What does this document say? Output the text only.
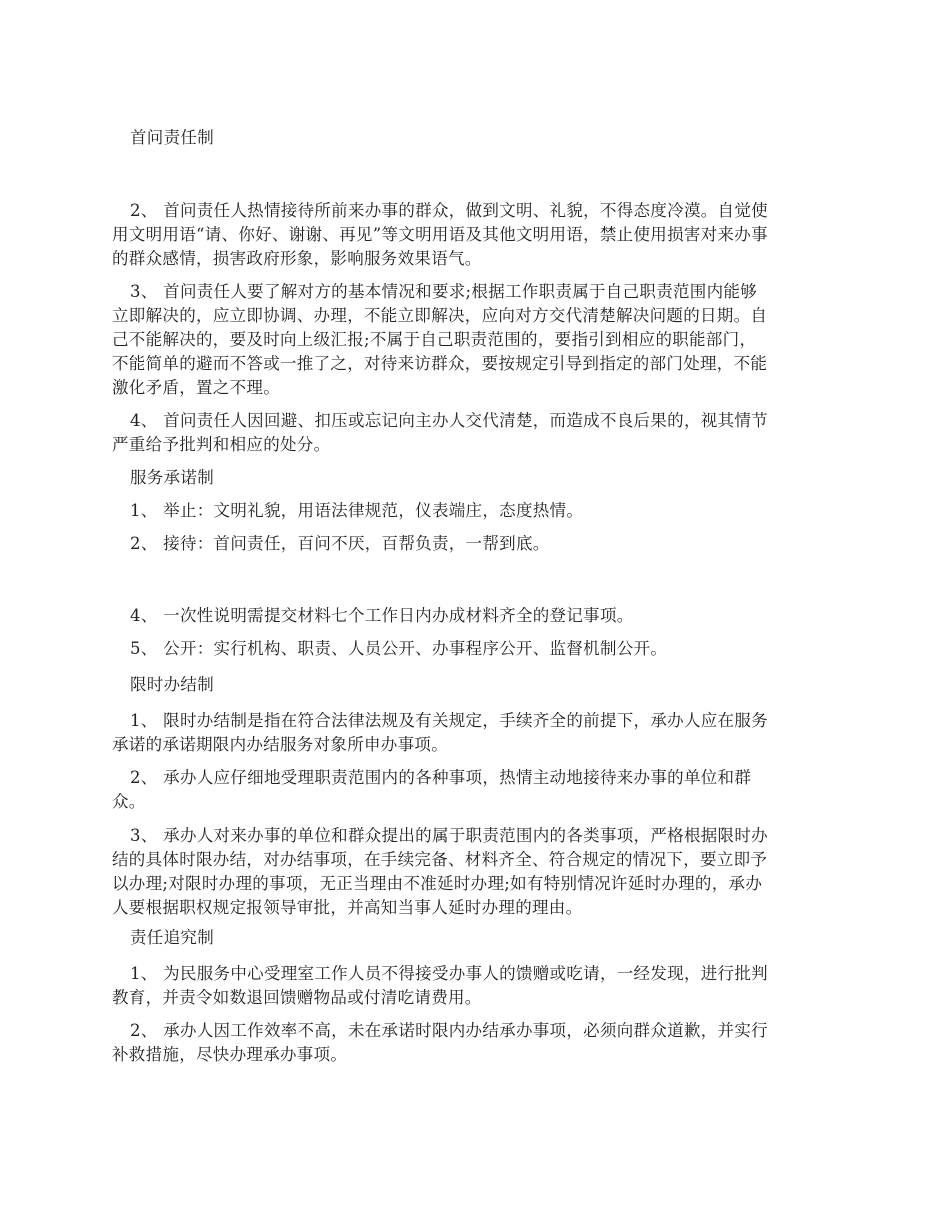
首问责任制

2、 首问责任人热情接待所前来办事的群众，做到文明、礼貌，不得态度冷漠。自觉使

用文明用语“请、你好、谢谢、再见”等文明用语及其他文明用语，禁止使用损害对来办事

的群众感情，损害政府形象，影响服务效果语气。

3、 首问责任人要了解对方的基本情况和要求;根据工作职责属于自己职责范围内能够

立即解决的，应立即协调、办理，不能立即解决，应向对方交代清楚解决问题的日期。自

己不能解决的，要及时向上级汇报;不属于自己职责范围的，要指引到相应的职能部门，

不能简单的避而不答或一推了之，对待来访群众，要按规定引导到指定的部门处理，不能

激化矛盾，置之不理。

4、 首问责任人因回避、扣压或忘记向主办人交代清楚，而造成不良后果的，视其情节

严重给予批判和相应的处分。

服务承诺制

1、 举止：文明礼貌，用语法律规范，仪表端庄，态度热情。

2、 接待：首问责任，百问不厌，百帮负责，一帮到底。

4、 一次性说明需提交材料七个工作日内办成材料齐全的登记事项。

5、 公开：实行机构、职责、人员公开、办事程序公开、监督机制公开。

限时办结制

1、 限时办结制是指在符合法律法规及有关规定，手续齐全的前提下，承办人应在服务

承诺的承诺期限内办结服务对象所申办事项。

2、 承办人应仔细地受理职责范围内的各种事项，热情主动地接待来办事的单位和群

众。

3、 承办人对来办事的单位和群众提出的属于职责范围内的各类事项，严格根据限时办

结的具体时限办结，对办结事项，在手续完备、材料齐全、符合规定的情况下，要立即予

以办理;对限时办理的事项，无正当理由不准延时办理;如有特别情况许延时办理的，承办

人要根据职权规定报领导审批，并高知当事人延时办理的理由。

责任追究制

1、 为民服务中心受理室工作人员不得接受办事人的馈赠或吃请，一经发现，进行批判

教育，并责令如数退回馈赠物品或付清吃请费用。

2、 承办人因工作效率不高，未在承诺时限内办结承办事项，必须向群众道歉，并实行

补救措施，尽快办理承办事项。
